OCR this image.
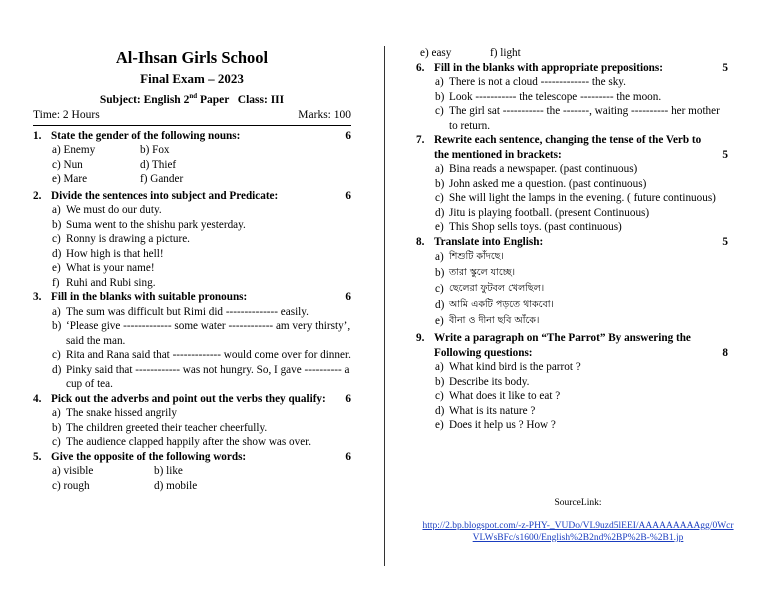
Al-Ihsan Girls School
Final Exam – 2023
Subject: English 2nd Paper   Class: III
Time: 2 Hours	Marks: 100
1. State the gender of the following nouns:	6
a) Enemy	b) Fox
c) Nun	d) Thief
e) Mare	f) Gander
2. Divide the sentences into subject and Predicate:	6
a) We must do our duty.
b) Suma went to the shishu park yesterday.
c) Ronny is drawing a picture.
d) How high is that hell!
e) What is your name!
f) Ruhi and Rubi sing.
3. Fill in the blanks with suitable pronouns:	6
a) The sum was difficult but Rimi did -------------- easily.
b) ‘Please give ------------- some water ------------ am very thirsty’, said the man.
c) Rita and Rana said that ------------- would come over for dinner.
d) Pinky said that ------------ was not hungry. So, I gave ---------- a cup of tea.
4. Pick out the adverbs and point out the verbs they qualify:	6
a) The snake hissed angrily
b) The children greeted their teacher cheerfully.
c) The audience clapped happily after the show was over.
5. Give the opposite of the following words:	6
a) visible	b) like
c) rough	d) mobile
e) easy	f) light
6. Fill in the blanks with appropriate prepositions:	5
a) There is not a cloud ------------- the sky.
b) Look ----------- the telescope --------- the moon.
c) The girl sat ----------- the -------, waiting ---------- her mother to return.
7. Rewrite each sentence, changing the tense of the Verb to the mentioned in brackets:	5
a) Bina reads a newspaper. (past continuous)
b) John asked me a question. (past continuous)
c) She will light the lamps in the evening. ( future continuous)
d) Jitu is playing football. (present Continuous)
e) This Shop sells toys. (past continuous)
8. Translate into English:	5
a) শিশুটি কাঁদছে।
b) তারা স্কুলে যাচ্ছে।
c) ছেলেরা ফুটবল খেলছিল।
d) আমি একটি পড়তে থাকবো।
e) বীনা ও দীনা ছবি আঁকে।
9. Write a paragraph on “The Parrot” By answering the Following questions:	8
a) What kind bird is the parrot ?
b) Describe its body.
c) What does it like to eat ?
d) What is its nature ?
e) Does it help us ? How ?
SourceLink:
http://2.bp.blogspot.com/-z-PHY-_VUDo/VL9uzd5lEEI/AAAAAAAAAgg/0WcrVLWsBFc/s1600/English%2B2nd%2BP%2B-%2B1.jp
